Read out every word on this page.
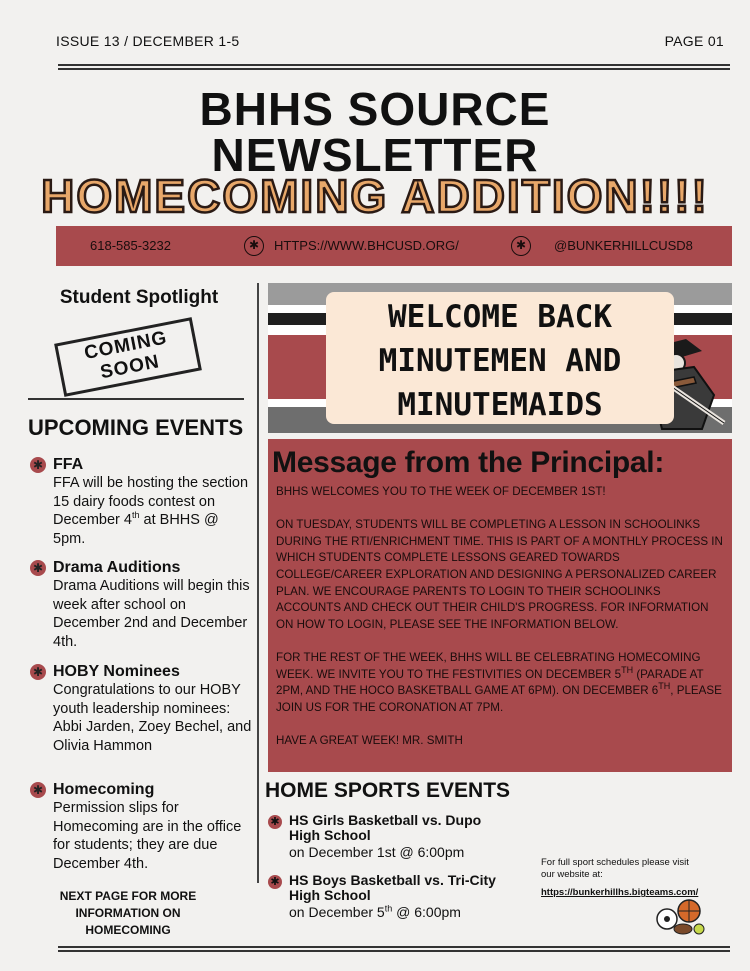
ISSUE 13 / DECEMBER 1-5	PAGE 01
BHHS SOURCE
NEWSLETTER
HOMECOMING ADDITION!!!!
618-585-3232	✱	HTTPS://WWW.BHCUSD.ORG/	✱	@BUNKERHILLCUSD8
Student Spotlight
COMING SOON
UPCOMING EVENTS
✱ FFA
FFA will be hosting the section 15 dairy foods contest on December 4th at BHHS @ 5pm.
✱ Drama Auditions
Drama Auditions will begin this week after school on December 2nd and December 4th.
✱ HOBY Nominees
Congratulations to our HOBY youth leadership nominees: Abbi Jarden, Zoey Bechel, and Olivia Hammon
✱ Homecoming
Permission slips for Homecoming are in the office for students; they are due December 4th.
NEXT PAGE FOR MORE INFORMATION ON HOMECOMING
WELCOME BACK
MINUTEMEN AND
MINUTEMAIDS
Message from the Principal:

BHHS WELCOMES YOU TO THE WEEK OF DECEMBER 1ST!

ON TUESDAY, STUDENTS WILL BE COMPLETING A LESSON IN SCHOOLINKS DURING THE RTI/ENRICHMENT TIME. THIS IS PART OF A MONTHLY PROCESS IN WHICH STUDENTS COMPLETE LESSONS GEARED TOWARDS COLLEGE/CAREER EXPLORATION AND DESIGNING A PERSONALIZED CAREER PLAN. WE ENCOURAGE PARENTS TO LOGIN TO THEIR SCHOOLINKS ACCOUNTS AND CHECK OUT THEIR CHILD'S PROGRESS. FOR INFORMATION ON HOW TO LOGIN, PLEASE SEE THE INFORMATION BELOW.

FOR THE REST OF THE WEEK, BHHS WILL BE CELEBRATING HOMECOMING WEEK. WE INVITE YOU TO THE FESTIVITIES ON DECEMBER 5TH (PARADE AT 2PM, AND THE HOCO BASKETBALL GAME AT 6PM). ON DECEMBER 6TH, PLEASE JOIN US FOR THE CORONATION AT 7PM.

HAVE A GREAT WEEK! MR. SMITH

HOME SPORTS EVENTS
✱ HS Girls Basketball vs. Dupo High School
on December 1st @ 6:00pm
✱ HS Boys Basketball vs. Tri-City High School
on December 5th @ 6:00pm
For full sport schedules please visit our website at:
https://bunkerhillhs.bigteams.com/
